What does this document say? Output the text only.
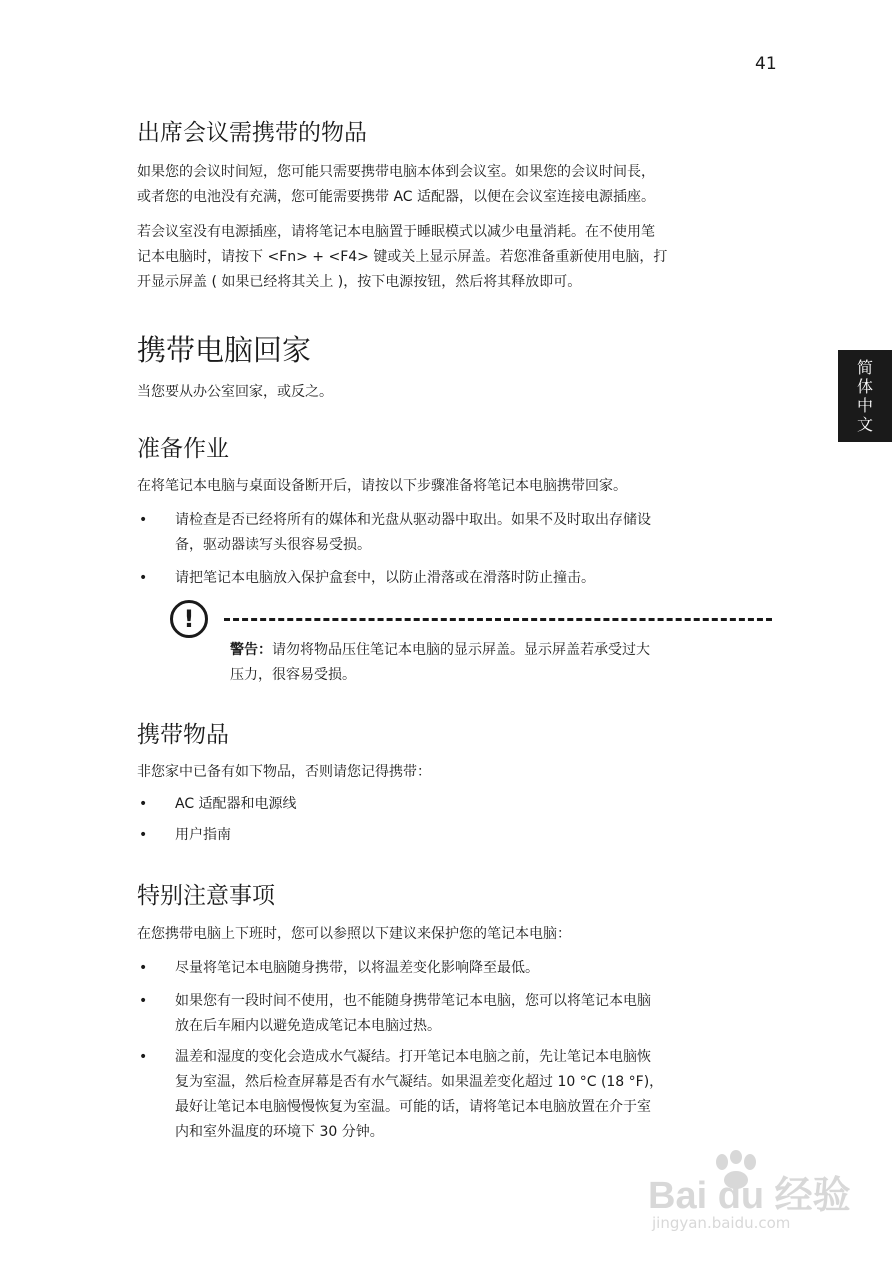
41
简
体
中
文
出席会议需携带的物品

如果您的会议时间短，您可能只需要携带电脑本体到会议室。如果您的会议时间長，
或者您的电池没有充满，您可能需要携带 AC 适配器，以便在会议室连接电源插座。

若会议室没有电源插座，请将笔记本电脑置于睡眠模式以减少电量消耗。在不使用笔
记本电脑时，请按下 <Fn> + <F4> 键或关上显示屏盖。若您准备重新使用电脑，打
开显示屏盖 ( 如果已经将其关上 )，按下电源按钮，然后将其释放即可。

携带电脑回家

当您要从办公室回家，或反之。

准备作业

在将笔记本电脑与桌面设备断开后，请按以下步骤准备将笔记本电脑携带回家。

• 请检查是否已经将所有的媒体和光盘从驱动器中取出。如果不及时取出存储设
备，驱动器读写头很容易受损。
• 请把笔记本电脑放入保护盒套中，以防止滑落或在滑落时防止撞击。
!
警告：请勿将物品压住笔记本电脑的显示屏盖。显示屏盖若承受过大
压力，很容易受损。
携带物品

非您家中已备有如下物品，否则请您记得携带：

• AC 适配器和电源线
• 用户指南
特别注意事项

在您携带电脑上下班时，您可以参照以下建议来保护您的笔记本电脑：

• 尽量将笔记本电脑随身携带，以将温差变化影响降至最低。
• 如果您有一段时间不使用，也不能随身携带笔记本电脑，您可以将笔记本电脑
放在后车厢内以避免造成笔记本电脑过热。
• 温差和湿度的变化会造成水气凝结。打开笔记本电脑之前，先让笔记本电脑恢
复为室温，然后检查屏幕是否有水气凝结。如果温差变化超过 10 °C (18 °F)，
最好让笔记本电脑慢慢恢复为室温。可能的话，请将笔记本电脑放置在介于室
内和室外温度的环境下 30 分钟。
Bai du 经验
jingyan.baidu.com
